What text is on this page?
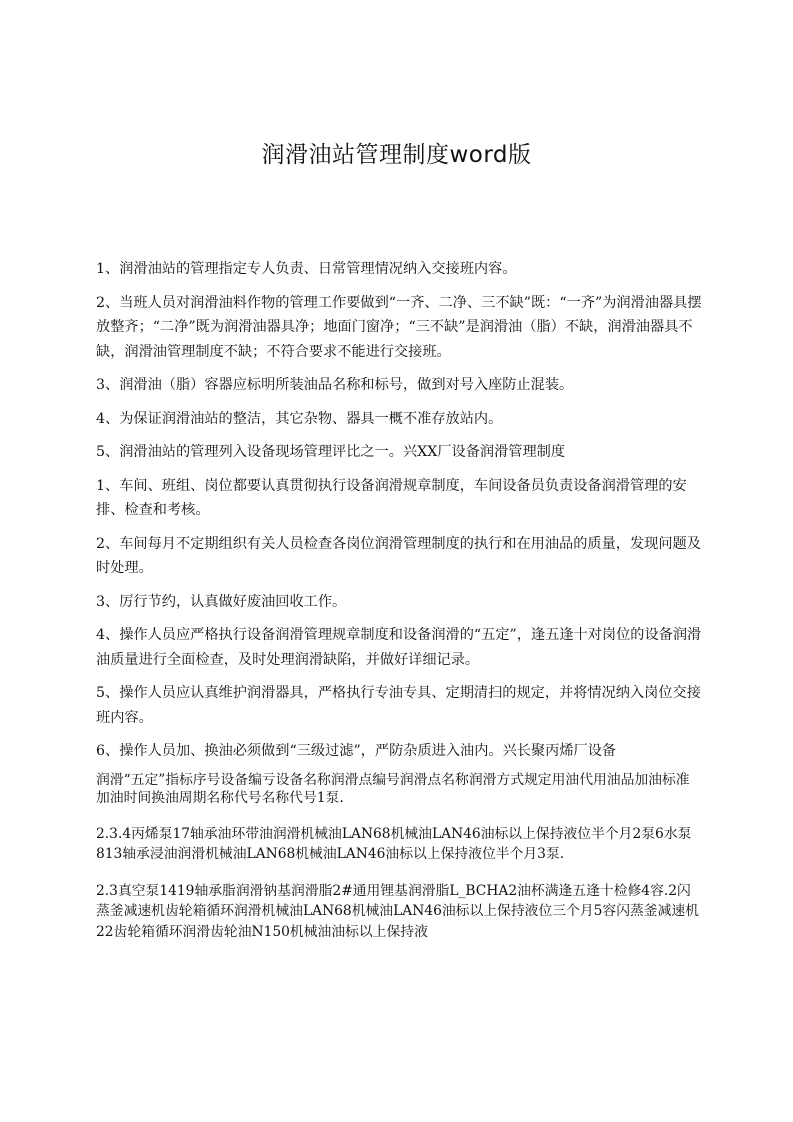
润滑油站管理制度word版

1、润滑油站的管理指定专人负责、日常管理情况纳入交接班内容。

2、当班人员对润滑油料作物的管理工作要做到“一齐、二净、三不缺”既：“一齐”为润滑油器具摆放整齐；“二净”既为润滑油器具净；地面门窗净；“三不缺”是润滑油（脂）不缺，润滑油器具不缺，润滑油管理制度不缺；不符合要求不能进行交接班。

3、润滑油（脂）容器应标明所装油品名称和标号，做到对号入座防止混装。

4、为保证润滑油站的整洁，其它杂物、器具一概不准存放站内。

5、润滑油站的管理列入设备现场管理评比之一。兴XX厂设备润滑管理制度

1、车间、班组、岗位都要认真贯彻执行设备润滑规章制度，车间设备员负责设备润滑管理的安排、检查和考核。

2、车间每月不定期组织有关人员检查各岗位润滑管理制度的执行和在用油品的质量，发现问题及时处理。

3、厉行节约，认真做好废油回收工作。

4、操作人员应严格执行设备润滑管理规章制度和设备润滑的“五定”，逢五逢十对岗位的设备润滑油质量进行全面检查，及时处理润滑缺陷，并做好详细记录。

5、操作人员应认真维护润滑器具，严格执行专油专具、定期清扫的规定，并将情况纳入岗位交接班内容。

6、操作人员加、换油必须做到“三级过滤”，严防杂质进入油内。兴长聚丙烯厂设备

润滑“五定”指标序号设备编亏设备名称润滑点编号润滑点名称润滑方式规定用油代用油品加油标准加油时间换油周期名称代号名称代号1泵.

2.3.4丙烯泵17轴承油环带油润滑机械油LAN68机械油LAN46油标以上保持液位半个月2泵6水泵813轴承浸油润滑机械油LAN68机械油LAN46油标以上保持液位半个月3泵.

2.3真空泵1419轴承脂润滑钠基润滑脂2#通用锂基润滑脂L_BCHA2油杯满逢五逢十检修4容.2闪蒸釜减速机齿轮箱循环润滑机械油LAN68机械油LAN46油标以上保持液位三个月5容闪蒸釜减速机22齿轮箱循环润滑齿轮油N150机械油油标以上保持液
